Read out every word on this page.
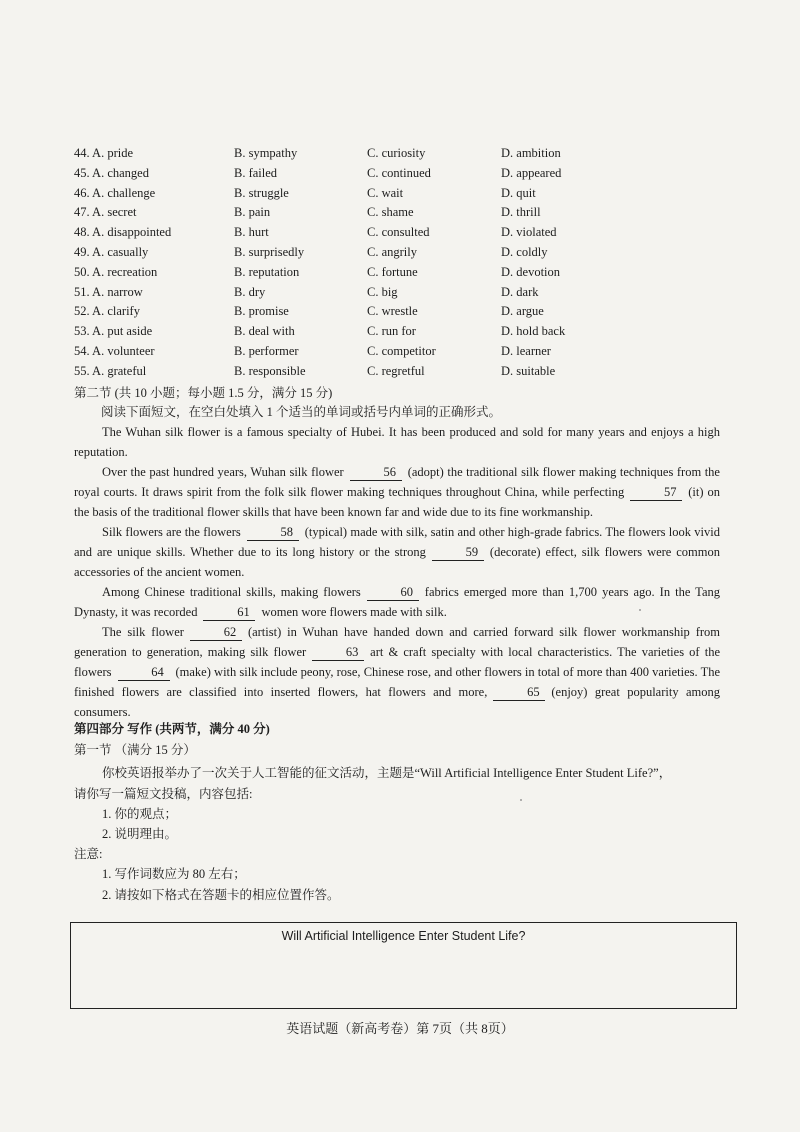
44. A. pride	B. sympathy	C. curiosity	D. ambition
45. A. changed	B. failed	C. continued	D. appeared
46. A. challenge	B. struggle	C. wait	D. quit
47. A. secret	B. pain	C. shame	D. thrill
48. A. disappointed	B. hurt	C. consulted	D. violated
49. A. casually	B. surprisedly	C. angrily	D. coldly
50. A. recreation	B. reputation	C. fortune	D. devotion
51. A. narrow	B. dry	C. big	D. dark
52. A. clarify	B. promise	C. wrestle	D. argue
53. A. put aside	B. deal with	C. run for	D. hold back
54. A. volunteer	B. performer	C. competitor	D. learner
55. A. grateful	B. responsible	C. regretful	D. suitable
第二节 (共 10 小题；每小题 1.5 分，满分 15 分)
阅读下面短文，在空白处填入 1 个适当的单词或括号内单词的正确形式。

The Wuhan silk flower is a famous specialty of Hubei. It has been produced and sold for many years and enjoys a high reputation.

Over the past hundred years, Wuhan silk flower	56 (adopt) the traditional silk flower making techniques from the royal courts. It draws spirit from the folk silk flower making techniques throughout China, while perfecting	57 (it) on the basis of the traditional flower skills that have been known far and wide due to its fine workmanship.

Silk flowers are the flowers	58 (typical) made with silk, satin and other high-grade fabrics. The flowers look vivid and are unique skills. Whether due to its long history or the strong	59 (decorate) effect, silk flowers were common accessories of the ancient women.

Among Chinese traditional skills, making flowers	60 fabrics emerged more than 1,700 years ago. In the Tang Dynasty, it was recorded	61 women wore flowers made with silk.

The silk flower	62 (artist) in Wuhan have handed down and carried forward silk flower workmanship from generation to generation, making silk flower	63 art & craft specialty with local characteristics. The varieties of the flowers	64 (make) with silk include peony, rose, Chinese rose, and other flowers in total of more than 400 varieties. The finished flowers are classified into inserted flowers, hat flowers and more,	65 (enjoy) great popularity among consumers.

第四部分 写作 (共两节，满分 40 分)
第一节 （满分 15 分）
你校英语报举办了一次关于人工智能的征文活动，主题是“Will Artificial Intelligence Enter Student Life?”，
请你写一篇短文投稿，内容包括:
1. 你的观点；
2. 说明理由。
注意:
1. 写作词数应为 80 左右；
2. 请按如下格式在答题卡的相应位置作答。
Will Artificial Intelligence Enter Student Life?
英语试题（新高考卷）第 7页（共 8页）
